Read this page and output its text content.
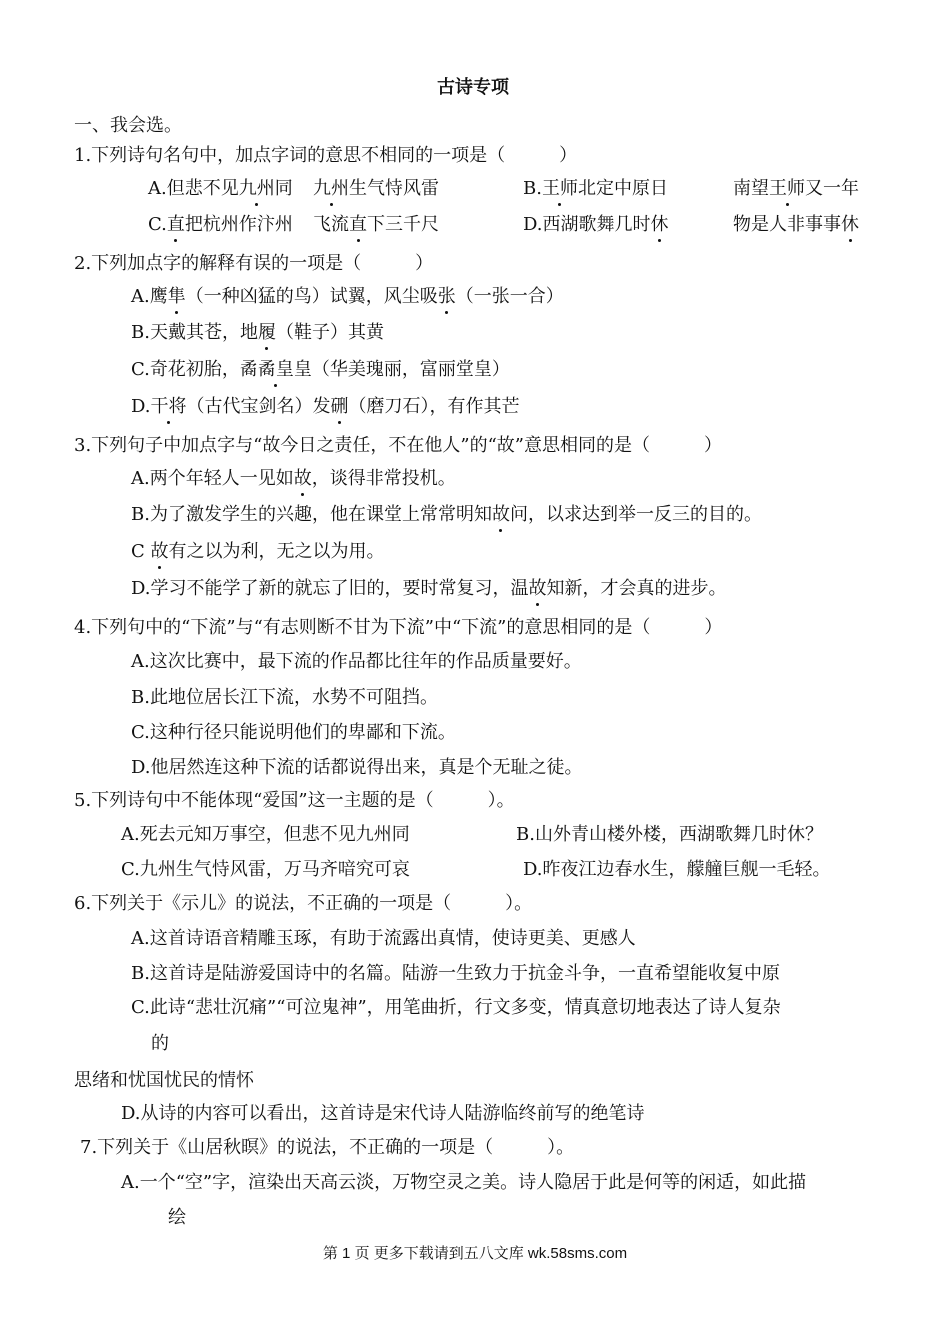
古诗专项
一、我会选。
1.下列诗句名句中，加点字词的意思不相同的一项是（　　　）
A.但悲不见九州同 九州生气恃风雷	B.王师北定中原日	南望王师又一年
C.直把杭州作汴州 飞流直下三千尺	D.西湖歌舞几时休	物是人非事事休
2.下列加点字的解释有误的一项是（　　　）
A.鹰隼（一种凶猛的鸟）试翼，风尘吸张（一张一合）
B.天戴其苍，地履（鞋子）其黄
C.奇花初胎，矞矞皇皇（华美瑰丽，富丽堂皇）
D.干将（古代宝剑名）发硎（磨刀石），有作其芒
3.下列句子中加点字与“故今日之责任，不在他人”的“故”意思相同的是（　　　）
A.两个年轻人一见如故，谈得非常投机。
B.为了激发学生的兴趣，他在课堂上常常明知故问，以求达到举一反三的目的。
C 故有之以为利，无之以为用。
D.学习不能学了新的就忘了旧的，要时常复习，温故知新，才会真的进步。
4.下列句中的“下流”与“有志则断不甘为下流”中“下流”的意思相同的是（　　　）
A.这次比赛中，最下流的作品都比往年的作品质量要好。
B.此地位居长江下流，水势不可阻挡。
C.这种行径只能说明他们的卑鄙和下流。
D.他居然连这种下流的话都说得出来，真是个无耻之徒。
5.下列诗句中不能体现“爱国”这一主题的是（　　　）。
A.死去元知万事空，但悲不见九州同	B.山外青山楼外楼，西湖歌舞几时休？
C.九州生气恃风雷，万马齐喑究可哀	D.昨夜江边春水生，艨艟巨舰一毛轻。
6.下列关于《示儿》的说法，不正确的一项是（　　　）。
A.这首诗语音精雕玉琢，有助于流露出真情，使诗更美、更感人
B.这首诗是陆游爱国诗中的名篇。陆游一生致力于抗金斗争，一直希望能收复中原
C.此诗“悲壮沉痛”“可泣鬼神”，用笔曲折，行文多变，情真意切地表达了诗人复杂
的
思绪和忧国忧民的情怀
D.从诗的内容可以看出，这首诗是宋代诗人陆游临终前写的绝笔诗
7.下列关于《山居秋暝》的说法，不正确的一项是（　　　）。
A.一个“空”字，渲染出天高云淡，万物空灵之美。诗人隐居于此是何等的闲适，如此描
绘
第 1 页 更多下载请到五八文库 wk.58sms.com
